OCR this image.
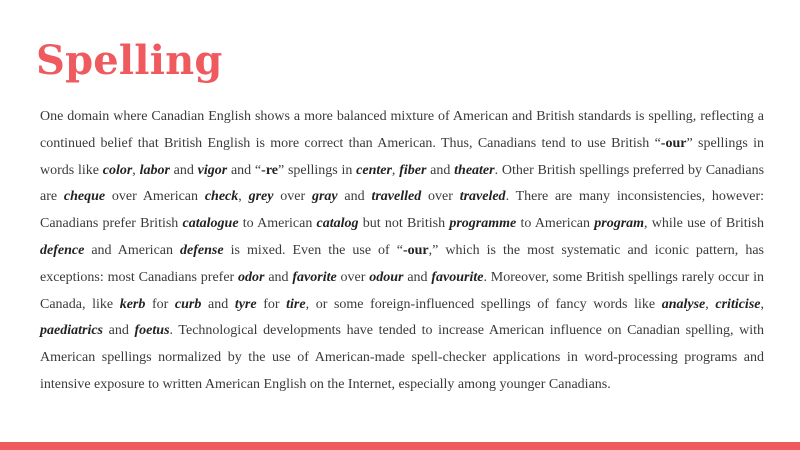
Spelling

One domain where Canadian English shows a more balanced mixture of American and British standards is spelling, reflecting a continued belief that British English is more correct than American. Thus, Canadians tend to use British “-our” spellings in words like color, labor and vigor and “-re” spellings in center, fiber and theater. Other British spellings preferred by Canadians are cheque over American check, grey over gray and travelled over traveled. There are many inconsistencies, however: Canadians prefer British catalogue to American catalog but not British programme to American program, while use of British defence and American defense is mixed. Even the use of “-our,” which is the most systematic and iconic pattern, has exceptions: most Canadians prefer odor and favorite over odour and favourite. Moreover, some British spellings rarely occur in Canada, like kerb for curb and tyre for tire, or some foreign-influenced spellings of fancy words like analyse, criticise, paediatrics and foetus. Technological developments have tended to increase American influence on Canadian spelling, with American spellings normalized by the use of American-made spell-checker applications in word-processing programs and intensive exposure to written American English on the Internet, especially among younger Canadians.
